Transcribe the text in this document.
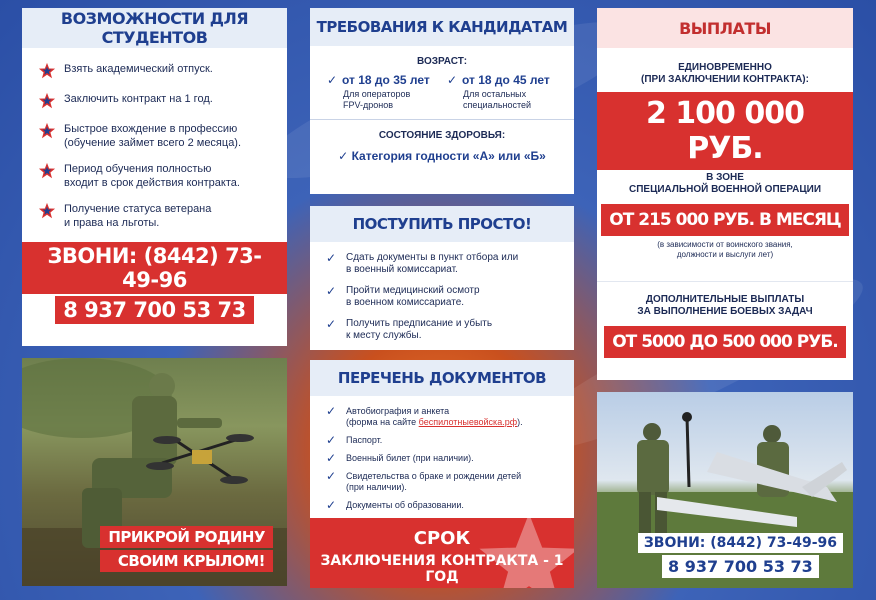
ВОЗМОЖНОСТИ ДЛЯ СТУДЕНТОВ
Взять академический отпуск.
Заключить контракт на 1 год.
Быстрое вхождение в профессию
(обучение займет всего 2 месяца).
Период обучения полностью
входит в срок действия контракта.
Получение статуса ветерана
и права на льготы.
ЗВОНИ: (8442) 73-49-96
8 937 700 53 73
ПРИКРОЙ РОДИНУ
СВОИМ КРЫЛОМ!
ТРЕБОВАНИЯ К КАНДИДАТАМ
ВОЗРАСТ:
✓ от 18 до 35 лет
Для операторов
FPV-дронов
✓ от 18 до 45 лет
Для остальных
специальностей
СОСТОЯНИЕ ЗДОРОВЬЯ:
✓ Категория годности «А» или «Б»
ПОСТУПИТЬ ПРОСТО!
✓ Сдать документы в пункт отбора или
в военный комиссариат.
✓ Пройти медицинский осмотр
в военном комиссариате.
✓ Получить предписание и убыть
к месту службы.
ПЕРЕЧЕНЬ ДОКУМЕНТОВ
✓ Автобиография и анкета
(форма на сайте беспилотныевойска.рф).
✓ Паспорт.
✓ Военный билет (при наличии).
✓ Свидетельства о браке и рождении детей
(при наличии).
✓ Документы об образовании.
СРОК
ЗАКЛЮЧЕНИЯ КОНТРАКТА - 1 ГОД
ВЫПЛАТЫ
ЕДИНОВРЕМЕННО
(ПРИ ЗАКЛЮЧЕНИИ КОНТРАКТА):
2 100 000 РУБ.
В ЗОНЕ
СПЕЦИАЛЬНОЙ ВОЕННОЙ ОПЕРАЦИИ
ОТ 215 000 РУБ. В МЕСЯЦ
(в зависимости от воинского звания,
должности и выслуги лет)
ДОПОЛНИТЕЛЬНЫЕ ВЫПЛАТЫ
ЗА ВЫПОЛНЕНИЕ БОЕВЫХ ЗАДАЧ
ОТ 5000 ДО 500 000 РУБ.
ЗВОНИ: (8442) 73-49-96
8 937 700 53 73
